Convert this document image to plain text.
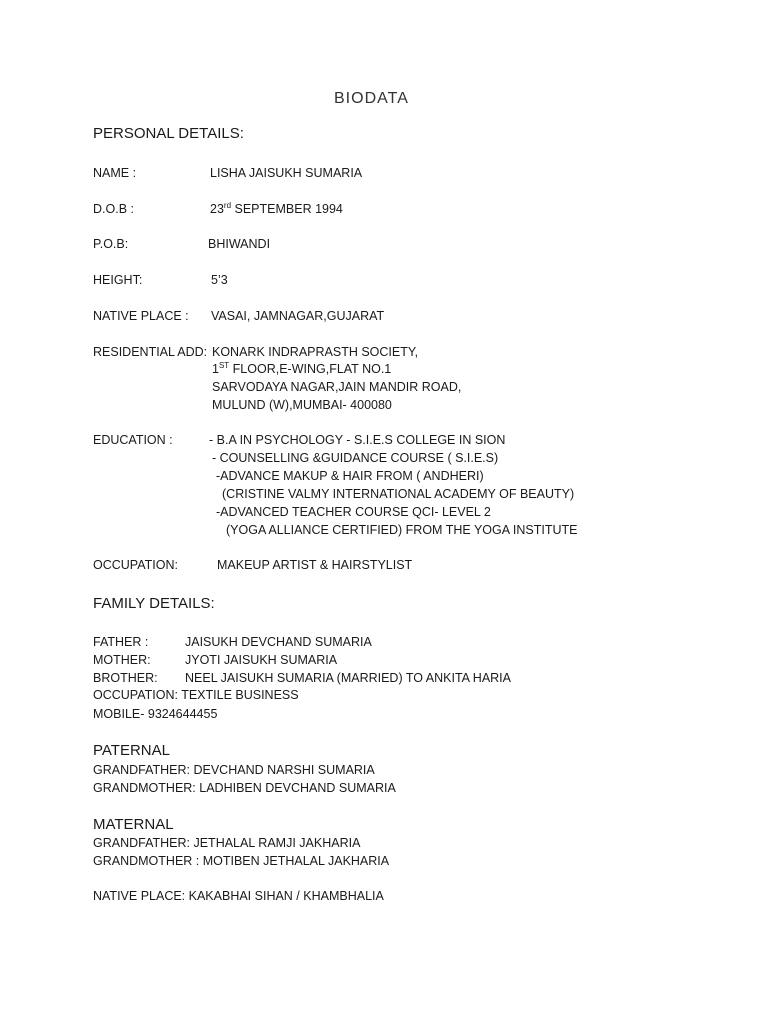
BIODATA
PERSONAL DETAILS:
NAME :	LISHA JAISUKH SUMARIA
D.O.B :	23rd SEPTEMBER 1994
P.O.B:	BHIWANDI
HEIGHT:	5’3
NATIVE PLACE : VASAI, JAMNAGAR,GUJARAT
RESIDENTIAL ADD: KONARK INDRAPRASTH SOCIETY,
1ST FLOOR,E-WING,FLAT NO.1
SARVODAYA NAGAR,JAIN MANDIR ROAD,
MULUND (W),MUMBAI- 400080
EDUCATION :	- B.A IN PSYCHOLOGY - S.I.E.S COLLEGE IN SION
- COUNSELLING &GUIDANCE COURSE ( S.I.E.S)
-ADVANCE MAKUP & HAIR FROM ( ANDHERI)
(CRISTINE VALMY INTERNATIONAL ACADEMY OF BEAUTY)
-ADVANCED TEACHER COURSE QCI- LEVEL 2
(YOGA ALLIANCE CERTIFIED) FROM THE YOGA INSTITUTE
OCCUPATION:	MAKEUP ARTIST & HAIRSTYLIST
FAMILY DETAILS:
FATHER :	JAISUKH DEVCHAND SUMARIA
MOTHER:	JYOTI JAISUKH SUMARIA
BROTHER: NEEL JAISUKH SUMARIA (MARRIED) TO ANKITA HARIA
OCCUPATION: TEXTILE BUSINESS
MOBILE- 9324644455
PATERNAL
GRANDFATHER: DEVCHAND NARSHI SUMARIA
GRANDMOTHER: LADHIBEN DEVCHAND SUMARIA
MATERNAL
GRANDFATHER: JETHALAL RAMJI JAKHARIA
GRANDMOTHER : MOTIBEN JETHALAL JAKHARIA
NATIVE PLACE: KAKABHAI SIHAN / KHAMBHALIA
